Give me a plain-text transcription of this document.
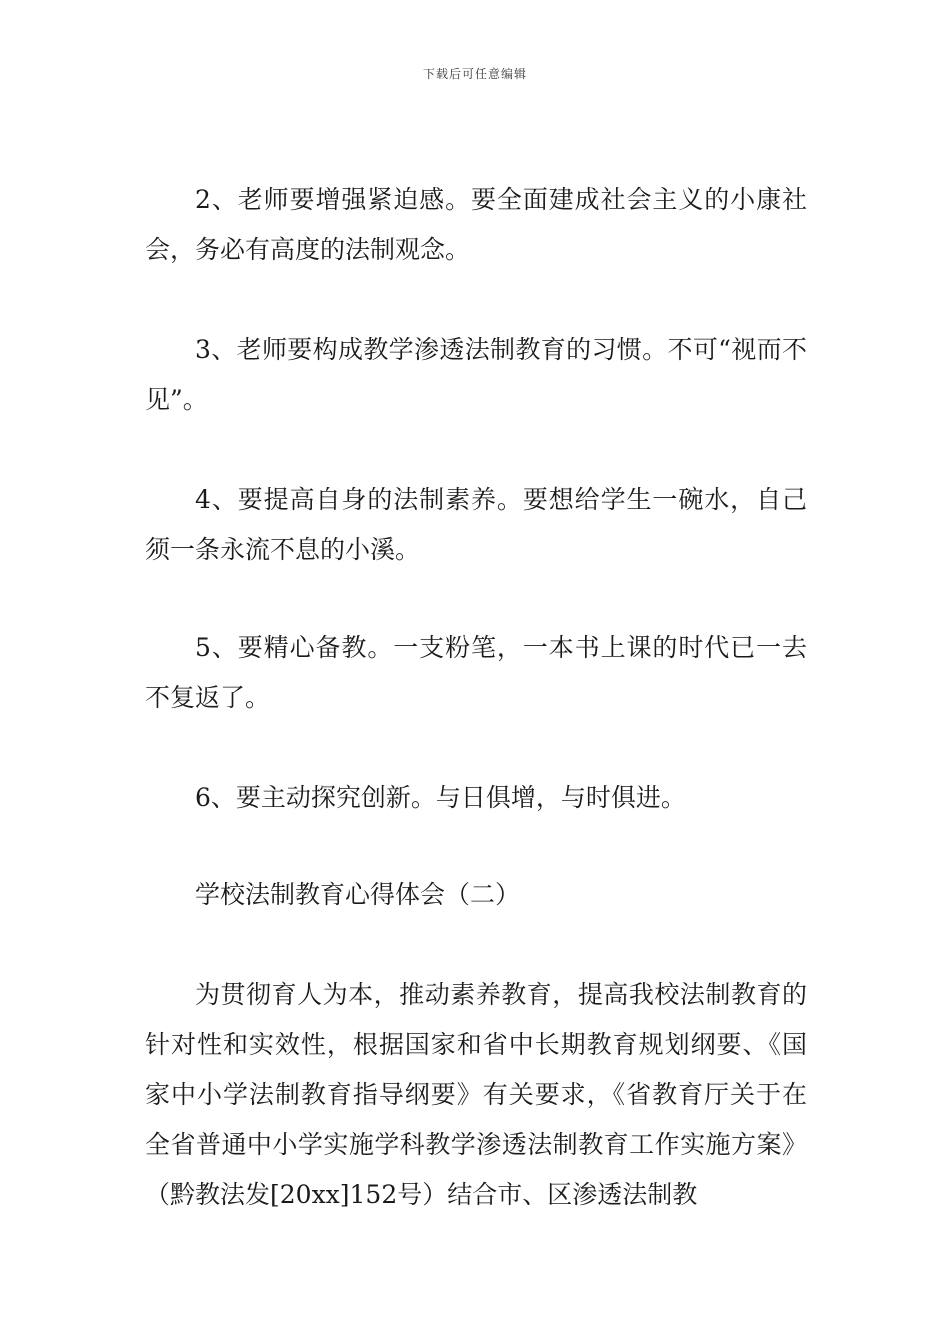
下载后可任意编辑

2、老师要增强紧迫感。要全面建成社会主义的小康社会，务必有高度的法制观念。

3、老师要构成教学渗透法制教育的习惯。不可“视而不见”。

4、要提高自身的法制素养。要想给学生一碗水，自己须一条永流不息的小溪。

5、要精心备教。一支粉笔，一本书上课的时代已一去不复返了。

6、要主动探究创新。与日俱增，与时俱进。

学校法制教育心得体会（二）

为贯彻育人为本，推动素养教育，提高我校法制教育的针对性和实效性，根据国家和省中长期教育规划纲要、《国家中小学法制教育指导纲要》有关要求，《省教育厅关于在全省普通中小学实施学科教学渗透法制教育工作实施方案》（黔教法发[20xx]152号）结合市、区渗透法制教
